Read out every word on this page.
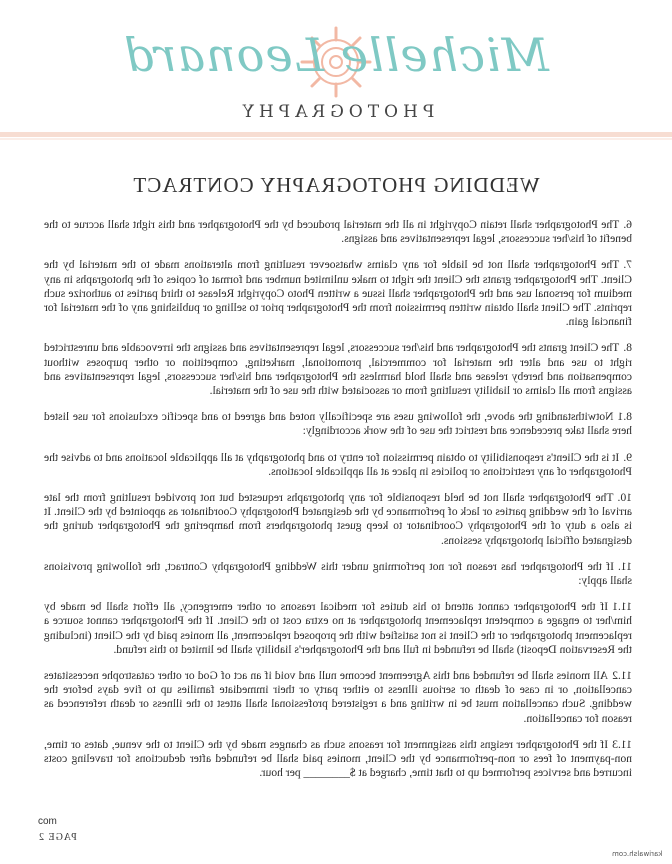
Michelle Leonard
PHOTOGRAPHY
WEDDING PHOTOGRAPHY CONTRACT

6.The Photographer shall retain Copyright in all the material produced by the Photographer and this right shall accrue to the benefit of his/her successors, legal representatives and assigns.

7.The Photographer shall not be liable for any claims whatsoever resulting from alterations made to the material by the Client. The Photographer grants the Client the right to make unlimited number and format of copies of the photographs in any medium for personal use and the Photographer shall issue a written Photo Copyright Release to third parties to authorize such reprints. The Client shall obtain written permission from the Photographer prior to selling or publishing any of the material for financial gain.

8.The Client grants the Photographer and his/her successors, legal representatives and assigns the irrevocable and unrestricted right to use and alter the material for commercial, promotional, marketing, competition or other purposes without compensation and hereby release and shall hold harmless the Photographer and his/her successors, legal representatives and assigns from all claims or liability resulting from or associated with the use of the material.

8.1Notwithstanding the above, the following uses are specifically noted and agreed to and specific exclusions for use listed here shall take precedence and restrict the use of the work accordingly:

9.It is the Client's responsibility to obtain permission for entry to and photography at all applicable locations and to advise the Photographer of any restrictions or policies in place at all applicable locations.

10.The Photographer shall not be held responsible for any photographs requested but not provided resulting from the late arrival of the wedding parties or lack of performance by the designated Photography Coordinator as appointed by the Client. It is also a duty of the Photography Coordinator to keep guest photographers from hampering the Photographer during the designated official photography sessions.

11.If the Photographer has reason for not performing under this Wedding Photography Contract, the following provisions shall apply:

11.1If the Photographer cannot attend to his duties for medical reasons or other emergency, all effort shall be made by him/her to engage a competent replacement photographer at no extra cost to the Client. If the Photographer cannot source a replacement photographer or the Client is not satisfied with the proposed replacement, all monies paid by the Client (including the Reservation Deposit) shall be refunded in full and the Photographer's liability shall be limited to this refund.

11.2All monies shall be refunded and this Agreement become null and void if an act of God or other catastrophe necessitates cancellation, or in case of death or serious illness to either party or their immediate families up to five days before the wedding. Such cancellation must be in writing and a registered professional shall attest to the illness or death referenced as reason for cancellation.

11.3If the Photographer resigns this assignment for reasons such as changes made by the Client to the venue, dates or time, non-payment of fees or non-performance by the Client, monies paid shall be refunded after deductions for traveling costs incurred and services performed up to that time, charged at $________ per hour.

com
PAGE 2
kariwalsh.com
